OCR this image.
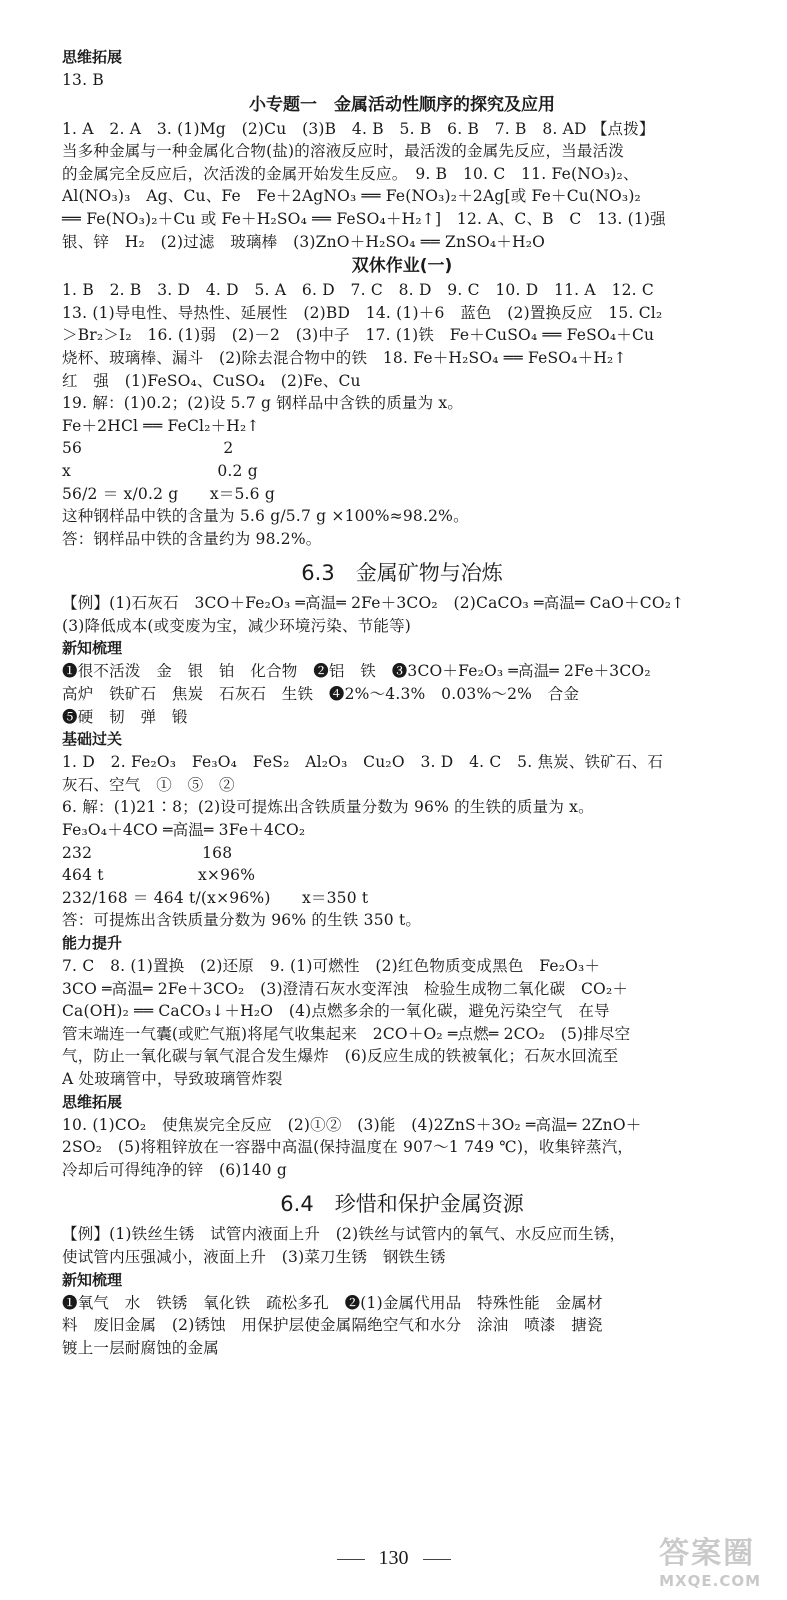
思维拓展
13. B
小专题一　金属活动性顺序的探究及应用
1. A　2. A　3. (1)Mg　(2)Cu　(3)B　4. B　5. B　6. B　7. B　8. AD 【点拨】
当多种金属与一种金属化合物(盐)的溶液反应时，最活泼的金属先反应，当最活泼
的金属完全反应后，次活泼的金属开始发生反应。　9. B　10. C　11. Fe(NO₃)₂、
Al(NO₃)₃　Ag、Cu、Fe　Fe＋2AgNO₃ ══ Fe(NO₃)₂＋2Ag[或 Fe＋Cu(NO₃)₂
══ Fe(NO₃)₂＋Cu 或 Fe＋H₂SO₄ ══ FeSO₄＋H₂↑]　12. A、C、B　C　13. (1)强
银、锌　H₂　(2)过滤　玻璃棒　(3)ZnO＋H₂SO₄ ══ ZnSO₄＋H₂O
双休作业(一)
1. B　2. B　3. D　4. D　5. A　6. D　7. C　8. D　9. C　10. D　11. A　12. C
13. (1)导电性、导热性、延展性　(2)BD　14. (1)＋6　蓝色　(2)置换反应　15. Cl₂
＞Br₂＞I₂　16. (1)弱　(2)－2　(3)中子　17. (1)铁　Fe＋CuSO₄ ══ FeSO₄＋Cu
烧杯、玻璃棒、漏斗　(2)除去混合物中的铁　18. Fe＋H₂SO₄ ══ FeSO₄＋H₂↑
红　强　(1)FeSO₄、CuSO₄　(2)Fe、Cu
19. 解：(1)0.2；(2)设 5.7 g 钢样品中含铁的质量为 x。
Fe＋2HCl ══ FeCl₂＋H₂↑
56　　　　　　　　　2
x　　　　　　　　　 0.2 g
56/2 ＝ x/0.2 g　　x＝5.6 g
这种钢样品中铁的含量为 5.6 g/5.7 g ×100%≈98.2%。
答：钢样品中铁的含量约为 98.2%。
6.3　金属矿物与冶炼
【例】(1)石灰石　3CO＋Fe₂O₃ ═高温═ 2Fe＋3CO₂　(2)CaCO₃ ═高温═ CaO＋CO₂↑
(3)降低成本(或变废为宝，减少环境污染、节能等)
新知梳理
❶很不活泼　金　银　铂　化合物　❷铝　铁　❸3CO＋Fe₂O₃ ═高温═ 2Fe＋3CO₂
高炉　铁矿石　焦炭　石灰石　生铁　❹2%～4.3%　0.03%～2%　合金
❺硬　韧　弹　锻
基础过关
1. D　2. Fe₂O₃　Fe₃O₄　FeS₂　Al₂O₃　Cu₂O　3. D　4. C　5. 焦炭、铁矿石、石
灰石、空气　①　⑤　②
6. 解：(1)21∶8；(2)设可提炼出含铁质量分数为 96% 的生铁的质量为 x。
Fe₃O₄＋4CO ═高温═ 3Fe＋4CO₂
232　　　　　　　168
464 t　　　　　　x×96%
232/168 ＝ 464 t/(x×96%)　　x＝350 t
答：可提炼出含铁质量分数为 96% 的生铁 350 t。
能力提升
7. C　8. (1)置换　(2)还原　9. (1)可燃性　(2)红色物质变成黑色　Fe₂O₃＋
3CO ═高温═ 2Fe＋3CO₂　(3)澄清石灰水变浑浊　检验生成物二氧化碳　CO₂＋
Ca(OH)₂ ══ CaCO₃↓＋H₂O　(4)点燃多余的一氧化碳，避免污染空气　在导
管末端连一气囊(或贮气瓶)将尾气收集起来　2CO＋O₂ ═点燃═ 2CO₂　(5)排尽空
气，防止一氧化碳与氧气混合发生爆炸　(6)反应生成的铁被氧化；石灰水回流至
A 处玻璃管中，导致玻璃管炸裂
思维拓展
10. (1)CO₂　使焦炭完全反应　(2)①②　(3)能　(4)2ZnS＋3O₂ ═高温═ 2ZnO＋
2SO₂　(5)将粗锌放在一容器中高温(保持温度在 907～1 749 ℃)，收集锌蒸汽，
冷却后可得纯净的锌　(6)140 g
6.4　珍惜和保护金属资源
【例】(1)铁丝生锈　试管内液面上升　(2)铁丝与试管内的氧气、水反应而生锈，
使试管内压强减小，液面上升　(3)菜刀生锈　钢铁生锈
新知梳理
❶氧气　水　铁锈　氧化铁　疏松多孔　❷(1)金属代用品　特殊性能　金属材
料　废旧金属　(2)锈蚀　用保护层使金属隔绝空气和水分　涂油　喷漆　搪瓷
镀上一层耐腐蚀的金属
130	答案圈
MXQE.COM
